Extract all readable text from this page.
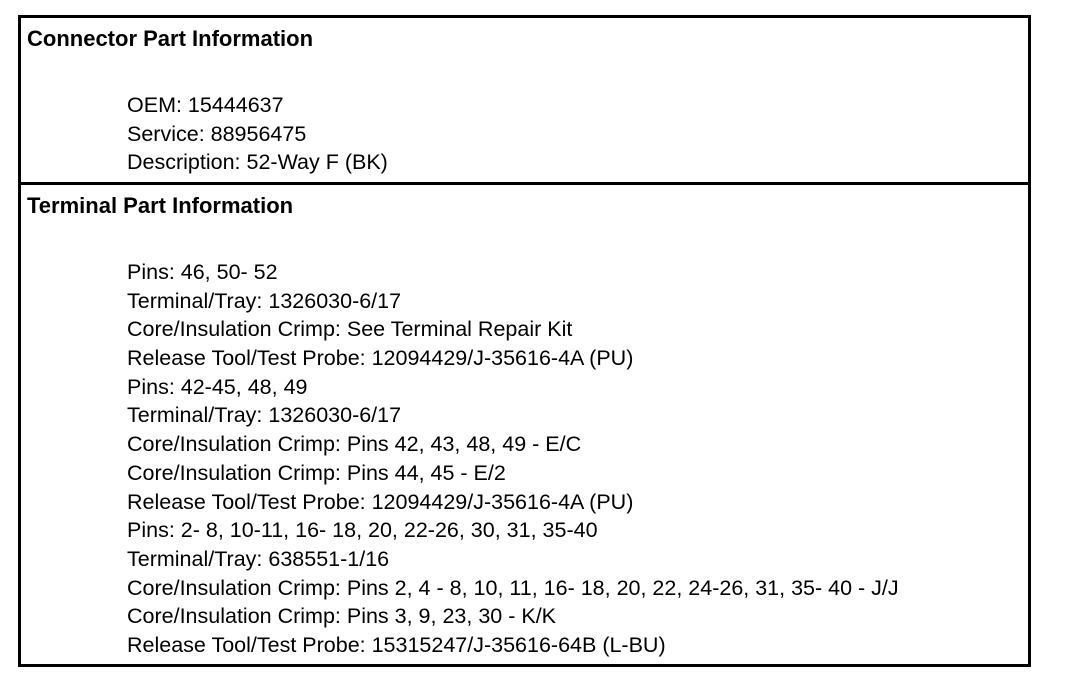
Connector Part Information
OEM: 15444637
Service: 88956475
Description: 52-Way F (BK)
Terminal Part Information
Pins: 46, 50- 52
Terminal/Tray: 1326030-6/17
Core/Insulation Crimp: See Terminal Repair Kit
Release Tool/Test Probe: 12094429/J-35616-4A (PU)
Pins: 42-45, 48, 49
Terminal/Tray: 1326030-6/17
Core/Insulation Crimp: Pins 42, 43, 48, 49 - E/C
Core/Insulation Crimp: Pins 44, 45 - E/2
Release Tool/Test Probe: 12094429/J-35616-4A (PU)
Pins: 2- 8, 10-11, 16- 18, 20, 22-26, 30, 31, 35-40
Terminal/Tray: 638551-1/16
Core/Insulation Crimp: Pins 2, 4 - 8, 10, 11, 16- 18, 20, 22, 24-26, 31, 35- 40 - J/J
Core/Insulation Crimp: Pins 3, 9, 23, 30 - K/K
Release Tool/Test Probe: 15315247/J-35616-64B (L-BU)
